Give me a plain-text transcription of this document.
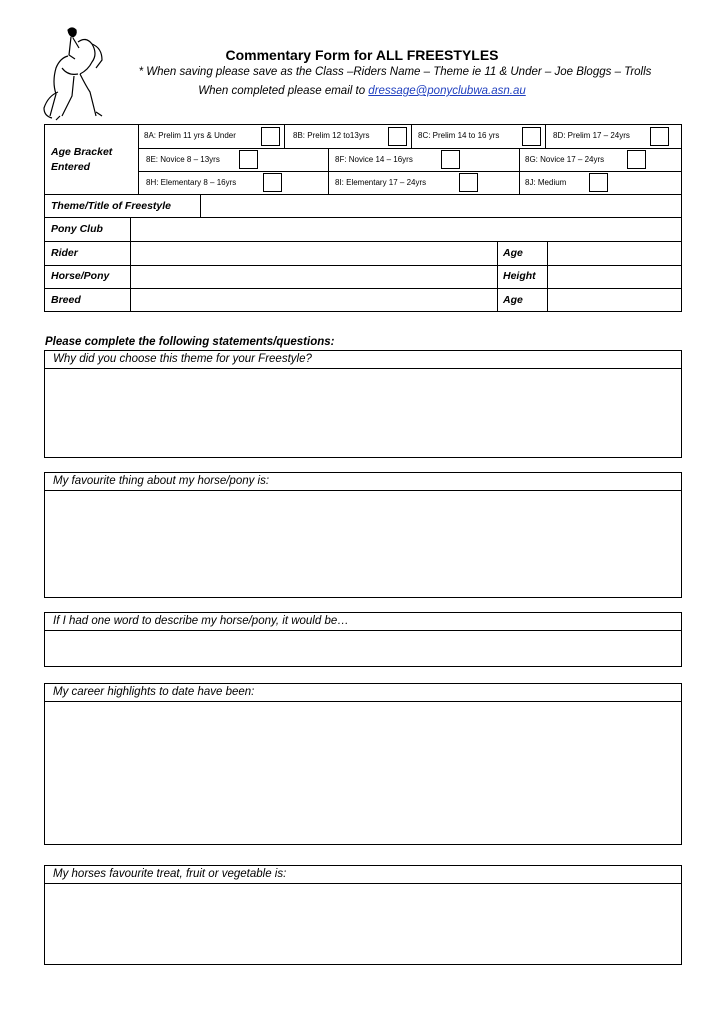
Commentary Form for ALL FREESTYLES
* When saving please save as the Class –Riders Name – Theme ie 11 & Under – Joe Bloggs – Trolls
When completed please email to dressage@ponyclubwa.asn.au
Age Bracket
Entered
8A: Prelim 11 yrs & Under	8B: Prelim 12 to13yrs	8C: Prelim 14 to 16 yrs	8D: Prelim 17 – 24yrs
8E: Novice 8 – 13yrs	8F: Novice 14 – 16yrs	8G: Novice 17 – 24yrs
8H: Elementary 8 – 16yrs	8I: Elementary 17 – 24yrs	8J: Medium
Theme/Title of Freestyle
Pony Club
Rider	Age
Horse/Pony	Height
Breed	Age
Please complete the following statements/questions:
Why did you choose this theme for your Freestyle?
My favourite thing about my horse/pony is:
If I had one word to describe my horse/pony, it would be…
My career highlights to date have been:
My horses favourite treat, fruit or vegetable is:
